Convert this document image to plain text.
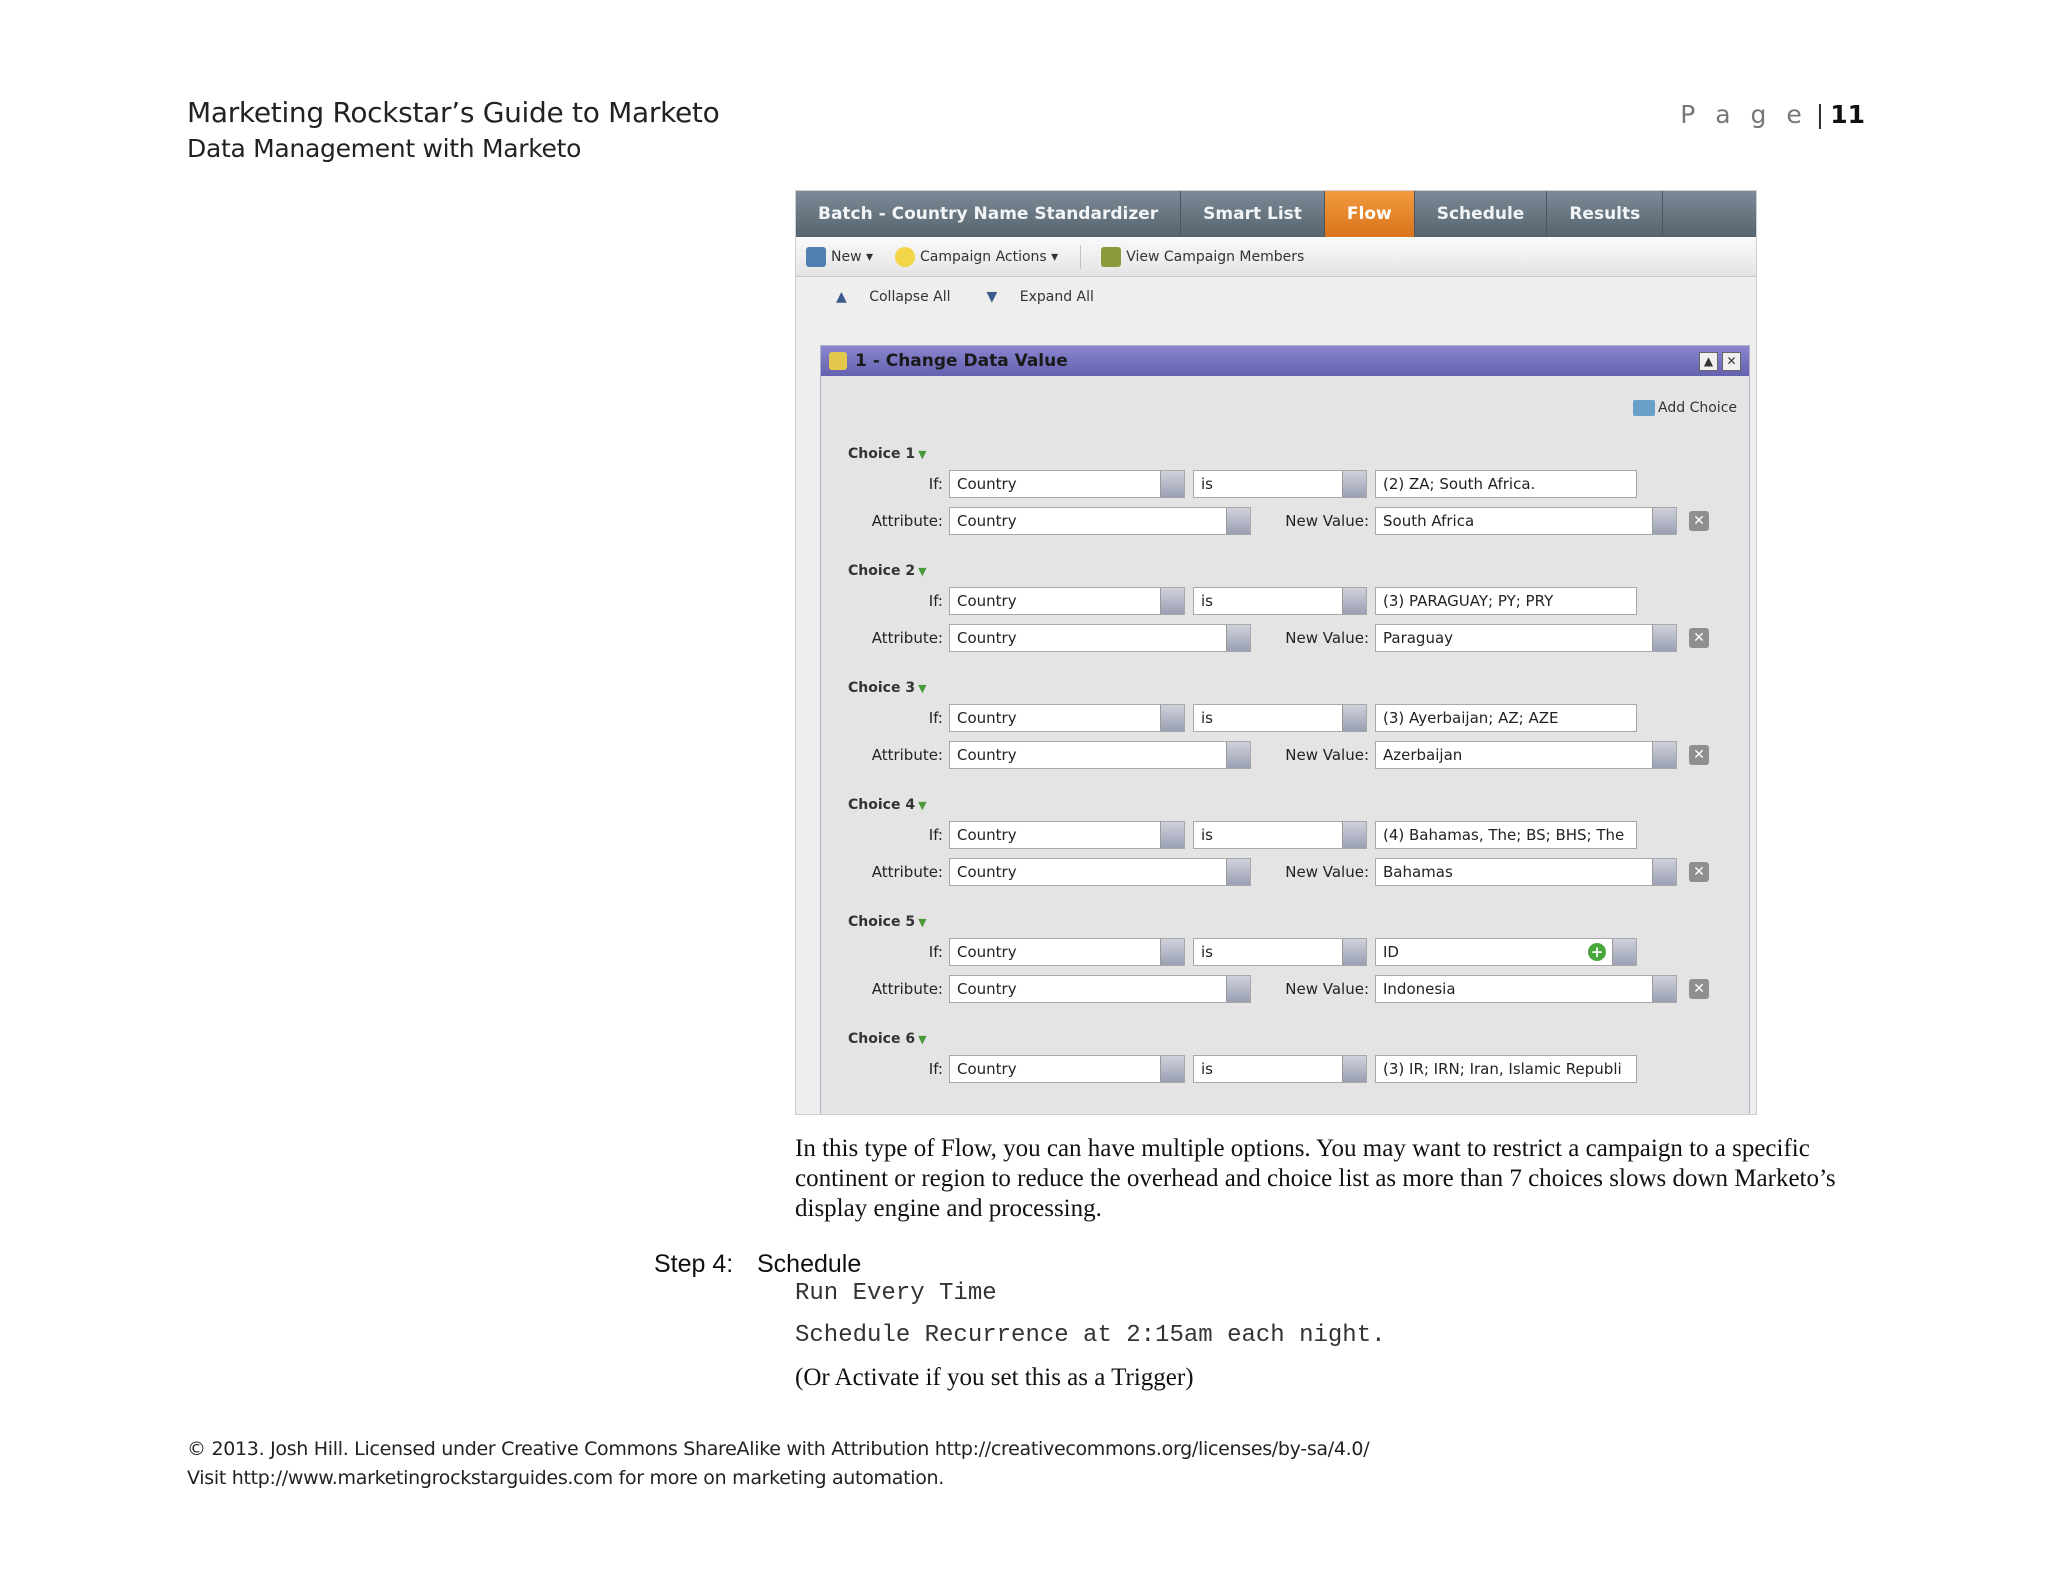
Marketing Rockstar’s Guide to Marketo
Data Management with Marketo
P a g e | 11
Batch - Country Name Standardizer	Smart List	Flow	Schedule	Results
New ▾	Campaign Actions ▾	View Campaign Members
▲ Collapse All	▼ Expand All
1 - Change Data Value	▲	✕
Add Choice
Choice 1 ▼
If: Country	is	(2) ZA; South Africa.
Attribute: Country	New Value: South Africa	✕
Choice 2 ▼
If: Country	is	(3) PARAGUAY; PY; PRY
Attribute: Country	New Value: Paraguay	✕
Choice 3 ▼
If: Country	is	(3) Ayerbaijan; AZ; AZE
Attribute: Country	New Value: Azerbaijan	✕
Choice 4 ▼
If: Country	is	(4) Bahamas, The; BS; BHS; The
Attribute: Country	New Value: Bahamas	✕
Choice 5 ▼
If: Country	is	ID	+
Attribute: Country	New Value: Indonesia	✕
Choice 6 ▼
If: Country	is	(3) IR; IRN; Iran, Islamic Republi
In this type of Flow, you can have multiple options. You may want to restrict a campaign to a specific continent or region to reduce the overhead and choice list as more than 7 choices slows down Marketo’s display engine and processing.
Step 4: Schedule
Run Every Time
Schedule Recurrence at 2:15am each night.
(Or Activate if you set this as a Trigger)
© 2013. Josh Hill. Licensed under Creative Commons ShareAlike with Attribution http://creativecommons.org/licenses/by-sa/4.0/
Visit http://www.marketingrockstarguides.com for more on marketing automation.
